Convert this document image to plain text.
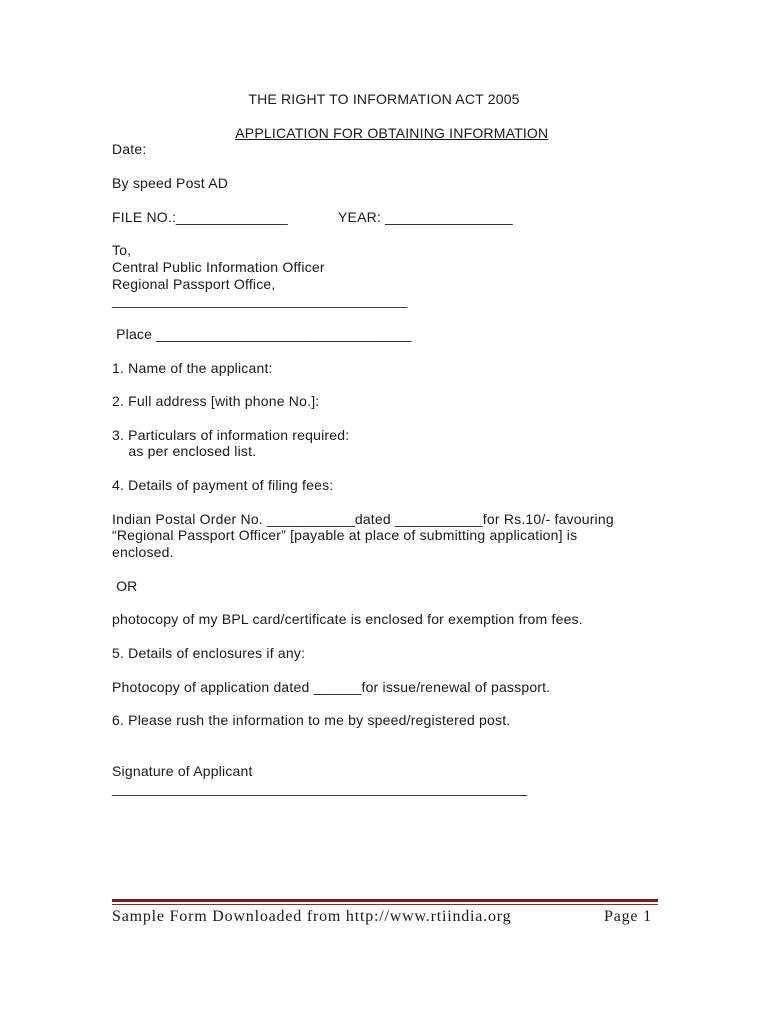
THE RIGHT TO INFORMATION ACT 2005

APPLICATION FOR OBTAINING INFORMATION

Date:
By speed Post AD
FILE NO.:______________	YEAR: ________________
To,
Central Public Information Officer
Regional Passport Office,
_____________________________________
Place ________________________________
1. Name of the applicant:
2. Full address [with phone No.]:
3. Particulars of information required:
as per enclosed list.
4. Details of payment of filing fees:
Indian Postal Order No. ___________dated ___________for Rs.10/- favouring
“Regional Passport Officer” [payable at place of submitting application] is
enclosed.
OR
photocopy of my BPL card/certificate is enclosed for exemption from fees.
5. Details of enclosures if any:
Photocopy of application dated ______for issue/renewal of passport.
6. Please rush the information to me by speed/registered post.
Signature of Applicant
____________________________________________________
Sample Form Downloaded from http://www.rtiindia.org	Page 1
